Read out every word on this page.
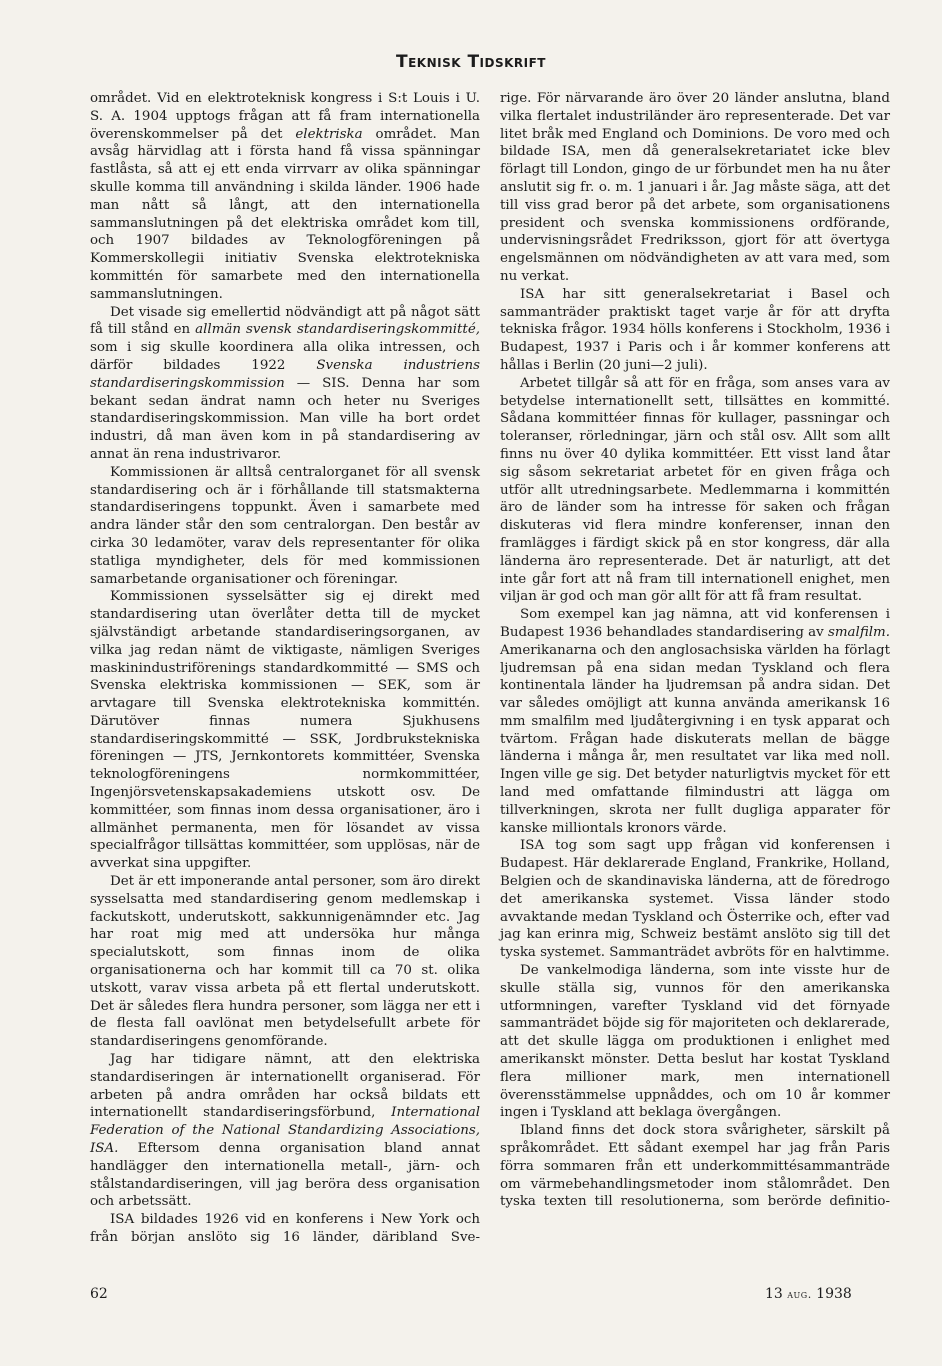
Teknisk Tidskrift

området. Vid en elektroteknisk kongress i S:t Louis i U. S. A. 1904 upptogs frågan att få fram internationella överenskommelser på det elektriska området. Man avsåg härvidlag att i första hand få vissa spänningar fastlåsta, så att ej ett enda virrvarr av olika spänningar skulle komma till användning i skilda länder. 1906 hade man nått så långt, att den internationella sammanslutningen på det elektriska området kom till, och 1907 bildades av Teknologföreningen på Kommerskollegii initiativ Svenska elektrotekniska kommittén för samarbete med den internationella sammanslutningen.

Det visade sig emellertid nödvändigt att på något sätt få till stånd en allmän svensk standardiseringskommitté, som i sig skulle koordinera alla olika intressen, och därför bildades 1922 Svenska industriens standardiseringskommission — SIS. Denna har som bekant sedan ändrat namn och heter nu Sveriges standardiseringskommission. Man ville ha bort ordet industri, då man även kom in på standardisering av annat än rena industrivaror.

Kommissionen är alltså centralorganet för all svensk standardisering och är i förhållande till statsmakterna standardiseringens toppunkt. Även i samarbete med andra länder står den som centralorgan. Den består av cirka 30 ledamöter, varav dels representanter för olika statliga myndigheter, dels för med kommissionen samarbetande organisationer och föreningar.

Kommissionen sysselsätter sig ej direkt med standardisering utan överlåter detta till de mycket självständigt arbetande standardiseringsorganen, av vilka jag redan nämt de viktigaste, nämligen Sveriges maskinindustriförenings standardkommitté — SMS och Svenska elektriska kommissionen — SEK, som är arvtagare till Svenska elektrotekniska kommittén. Därutöver finnas numera Sjukhusens standardiseringskommitté — SSK, Jordbrukstekniska föreningen — JTS, Jernkontorets kommittéer, Svenska teknologföreningens normkommittéer, Ingenjörsvetenskapsakademiens utskott osv. De kommittéer, som finnas inom dessa organisationer, äro i allmänhet permanenta, men för lösandet av vissa specialfrågor tillsättas kommittéer, som upplösas, när de avverkat sina uppgifter.

Det är ett imponerande antal personer, som äro direkt sysselsatta med standardisering genom medlemskap i fackutskott, underutskott, sakkunnigenämnder etc. Jag har roat mig med att undersöka hur många specialutskott, som finnas inom de olika organisationerna och har kommit till ca 70 st. olika utskott, varav vissa arbeta på ett flertal underutskott. Det är således flera hundra personer, som lägga ner ett i de flesta fall oavlönat men betydelsefullt arbete för standardiseringens genomförande.

Jag har tidigare nämnt, att den elektriska standardiseringen är internationellt organiserad. För arbeten på andra områden har också bildats ett internationellt standardiseringsförbund, International Federation of the National Standardizing Associations, ISA. Eftersom denna organisation bland annat handlägger den internationella metall-, järn- och stålstandardiseringen, vill jag beröra dess organisation och arbetssätt.

ISA bildades 1926 vid en konferens i New York och från början anslöto sig 16 länder, däribland Sve-

rige. För närvarande äro över 20 länder anslutna, bland vilka flertalet industriländer äro representerade. Det var litet bråk med England och Dominions. De voro med och bildade ISA, men då generalsekretariatet icke blev förlagt till London, gingo de ur förbundet men ha nu åter anslutit sig fr. o. m. 1 januari i år. Jag måste säga, att det till viss grad beror på det arbete, som organisationens president och svenska kommissionens ordförande, undervisningsrådet Fredriksson, gjort för att övertyga engelsmännen om nödvändigheten av att vara med, som nu verkat.

ISA har sitt generalsekretariat i Basel och sammanträder praktiskt taget varje år för att dryfta tekniska frågor. 1934 hölls konferens i Stockholm, 1936 i Budapest, 1937 i Paris och i år kommer konferens att hållas i Berlin (20 juni—2 juli).

Arbetet tillgår så att för en fråga, som anses vara av betydelse internationellt sett, tillsättes en kommitté. Sådana kommittéer finnas för kullager, passningar och toleranser, rörledningar, järn och stål osv. Allt som allt finns nu över 40 dylika kommittéer. Ett visst land åtar sig såsom sekretariat arbetet för en given fråga och utför allt utredningsarbete. Medlemmarna i kommittén äro de länder som ha intresse för saken och frågan diskuteras vid flera mindre konferenser, innan den framlägges i färdigt skick på en stor kongress, där alla länderna äro representerade. Det är naturligt, att det inte går fort att nå fram till internationell enighet, men viljan är god och man gör allt för att få fram resultat.

Som exempel kan jag nämna, att vid konferensen i Budapest 1936 behandlades standardisering av smalfilm. Amerikanarna och den anglosachsiska världen ha förlagt ljudremsan på ena sidan medan Tyskland och flera kontinentala länder ha ljudremsan på andra sidan. Det var således omöjligt att kunna använda amerikansk 16 mm smalfilm med ljudåtergivning i en tysk apparat och tvärtom. Frågan hade diskuterats mellan de bägge länderna i många år, men resultatet var lika med noll. Ingen ville ge sig. Det betyder naturligtvis mycket för ett land med omfattande filmindustri att lägga om tillverkningen, skrota ner fullt dugliga apparater för kanske milliontals kronors värde.

ISA tog som sagt upp frågan vid konferensen i Budapest. Här deklarerade England, Frankrike, Holland, Belgien och de skandinaviska länderna, att de föredrogo det amerikanska systemet. Vissa länder stodo avvaktande medan Tyskland och Österrike och, efter vad jag kan erinra mig, Schweiz bestämt anslöto sig till det tyska systemet. Sammanträdet avbröts för en halvtimme.

De vankelmodiga länderna, som inte visste hur de skulle ställa sig, vunnos för den amerikanska utformningen, varefter Tyskland vid det förnyade sammanträdet böjde sig för majoriteten och deklarerade, att det skulle lägga om produktionen i enlighet med amerikanskt mönster. Detta beslut har kostat Tyskland flera millioner mark, men internationell överensstämmelse uppnåddes, och om 10 år kommer ingen i Tyskland att beklaga övergången.

Ibland finns det dock stora svårigheter, särskilt på språkområdet. Ett sådant exempel har jag från Paris förra sommaren från ett underkommittésammanträde om värmebehandlingsmetoder inom stålområdet. Den tyska texten till resolutionerna, som berörde definitio-

62	13 aug. 1938
